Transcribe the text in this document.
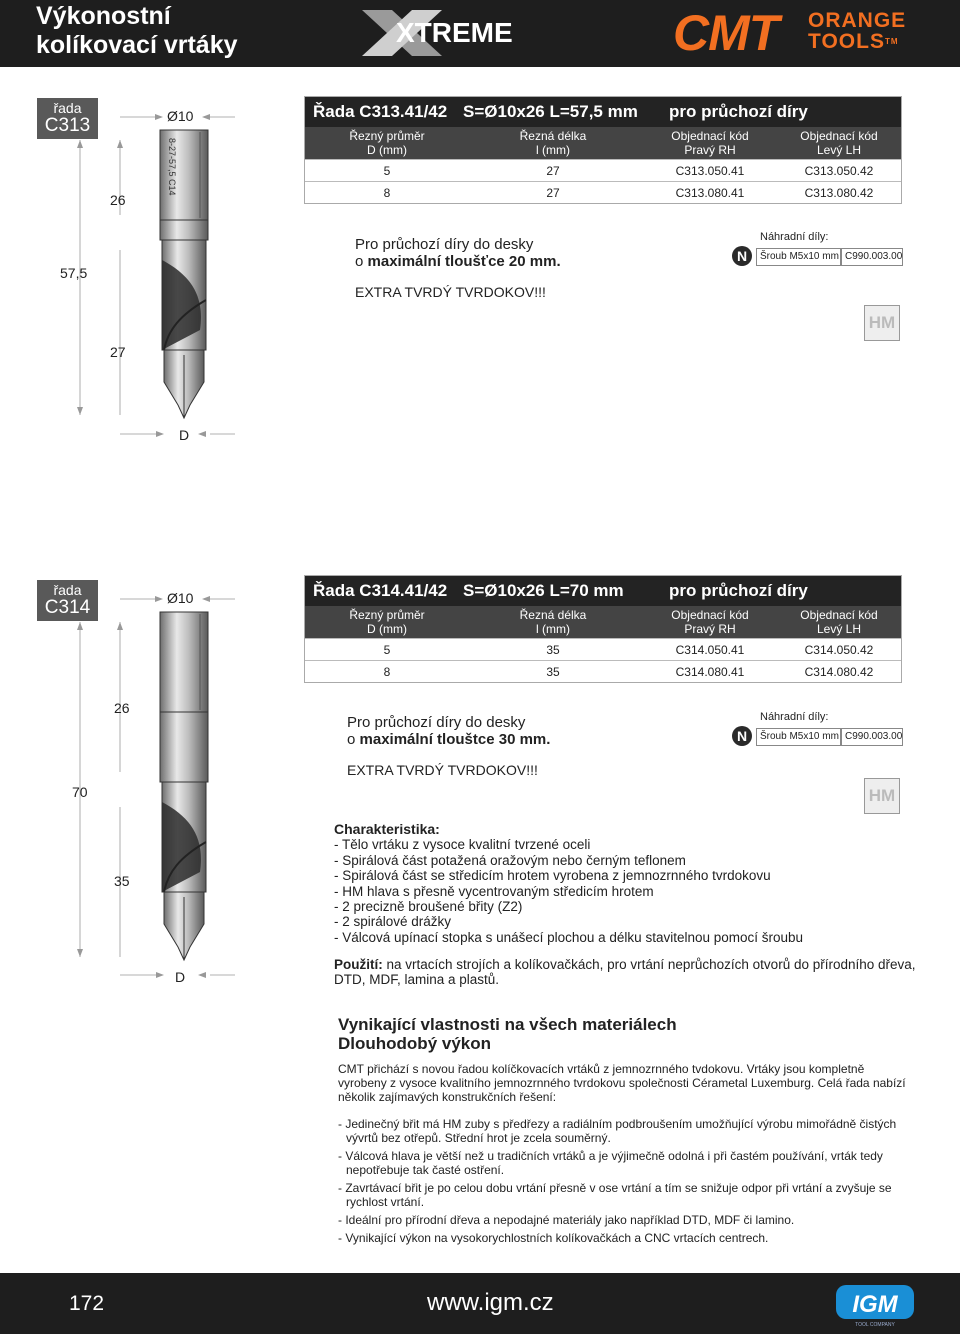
Výkonostní
kolíkovací vrtáky	XTREME	CMT ORANGE
TOOLS™
řada
C313
8-27-57,5 C14
Ø10
26
57,5
27
D
Řada C313.41/42 S=Ø10x26 L=57,5 mm pro průchozí díry
Řezný průměr
D (mm)
Řezná délka
l (mm)
Objednací kód
Pravý RH
Objednací kód
Levý LH
5	27	C313.050.41	C313.050.42
8	27	C313.080.41	C313.080.42
Pro průchozí díry do desky
o maximální tloušťce 20 mm.
EXTRA TVRDÝ TVRDOKOV!!!
N
Náhradní díly:
Šroub M5x10 mm C990.003.00
HM
řada
C314	Ø10
26
70
35
D
Řada C314.41/42 S=Ø10x26 L=70 mm	pro průchozí díry
Řezný průměr
D (mm)
Řezná délka
l (mm)
Objednací kód
Pravý RH
Objednací kód
Levý LH
5	35	C314.050.41	C314.050.42
8	35	C314.080.41	C314.080.42
Pro průchozí díry do desky
o maximální tlouštce 30 mm.
EXTRA TVRDÝ TVRDOKOV!!!
N
Náhradní díly:
Šroub M5x10 mm C990.003.00
HM
Charakteristika:
- Tělo vrtáku z vysoce kvalitní tvrzené oceli
- Spirálová část potažená oražovým nebo černým teflonem
- Spirálová část se středicím hrotem vyrobena z jemnozrnného tvrdokovu
- HM hlava s přesně vycentrovaným středicím hrotem
- 2 precizně broušené břity (Z2)
- 2 spirálové drážky
- Válcová upínací stopka s unášecí plochou a délku stavitelnou pomocí šroubu
Použití: na vrtacích strojích a kolíkovačkách, pro vrtání neprůchozích otvorů do přírodního dřeva, DTD, MDF, lamina a plastů.
Vynikající vlastnosti na všech materiálech
Dlouhodobý výkon
CMT přichází s novou řadou kolíčkovacích vrtáků z jemnozrnného tvdokovu. Vrtáky jsou kompletně vyrobeny z vysoce kvalitního jemnozrnného tvrdokovu společnosti Cérametal Luxemburg. Celá řada nabízí několik zajímavých konstrukčních řešení:
- Jedinečný břit má HM zuby s předřezy a radiálním podbroušením umožňující výrobu mimořádně čistých vývrtů bez otřepů. Střední hrot je zcela souměrný.
- Válcová hlava je větší než u tradičních vrtáků a je výjimečně odolná i při častém používání, vrták tedy nepotřebuje tak časté ostření.
- Zavrtávací břit je po celou dobu vrtání přesně v ose vrtání a tím se snižuje odpor při vrtání a zvyšuje se rychlost vrtání.
- Ideální pro přírodní dřeva a nepodajné materiály jako například DTD, MDF či lamino.
- Vynikající výkon na vysokorychlostních kolíkovačkách a CNC vrtacích centrech.
172	www.igm.cz	IGM
TOOL COMPANY
